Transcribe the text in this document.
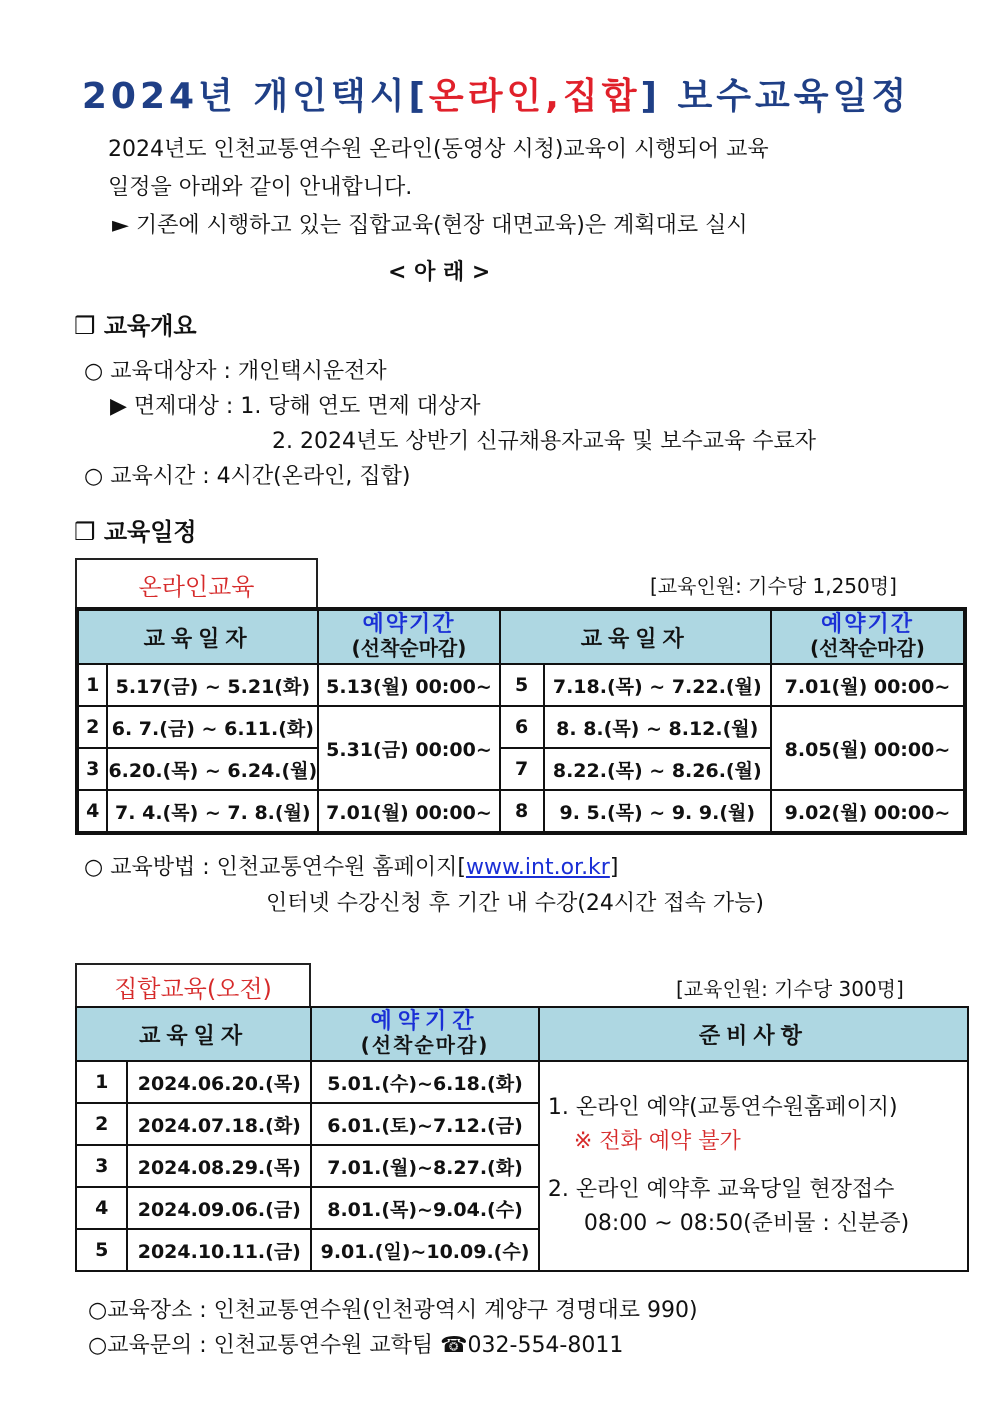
2024년 개인택시[온라인,집합] 보수교육일정
2024년도 인천교통연수원 온라인(동영상 시청)교육이 시행되어 교육
일정을 아래와 같이 안내합니다.
► 기존에 시행하고 있는 집합교육(현장 대면교육)은 계획대로 실시
< 아 래 >
❒ 교육개요
○ 교육대상자 : 개인택시운전자
▶ 면제대상 : 1. 당해 연도 면제 대상자
2. 2024년도 상반기 신규채용자교육 및 보수교육 수료자
○ 교육시간 : 4시간(온라인, 집합)
❒ 교육일정
온라인교육	[교육인원: 기수당 1,250명]
교육일자		예약기간
(선착순마감)	교육일자		예약기간
(선착순마감)

1	5.17(금) ~ 5.21(화)	5.13(월) 00:00~	5	7.18.(목) ~ 7.22.(월)	7.01(월) 00:00~
2	6. 7.(금) ~ 6.11.(화)	5.31(금) 00:00~	6	8. 8.(목) ~ 8.12.(월)	8.05(월) 00:00~
3	6.20.(목) ~ 6.24.(월)		7	8.22.(목) ~ 8.26.(월)	
4	7. 4.(목) ~ 7. 8.(월)	7.01(월) 00:00~	8	9. 5.(목) ~ 9. 9.(월)	9.02(월) 00:00~
○ 교육방법 : 인천교통연수원 홈페이지[www.int.or.kr]
인터넷 수강신청 후 기간 내 수강(24시간 접속 가능)
집합교육(오전)	[교육인원: 기수당 300명]
교육일자		예약기간
(선착순마감)	준비사항
1	2024.06.20.(목)	5.01.(수)~6.18.(화)	1. 온라인 예약(교통연수원홈페이지)
※ 전화 예약 불가
2. 온라인 예약후 교육당일 현장접수
08:00 ~ 08:50(준비물 : 신분증)

2	2024.07.18.(화)	6.01.(토)~7.12.(금)	
3	2024.08.29.(목)	7.01.(월)~8.27.(화)	
4	2024.09.06.(금)	8.01.(목)~9.04.(수)	
5	2024.10.11.(금)	9.01.(일)~10.09.(수)	
○교육장소 : 인천교통연수원(인천광역시 계양구 경명대로 990)
○교육문의 : 인천교통연수원 교학팀 ☎032-554-8011
